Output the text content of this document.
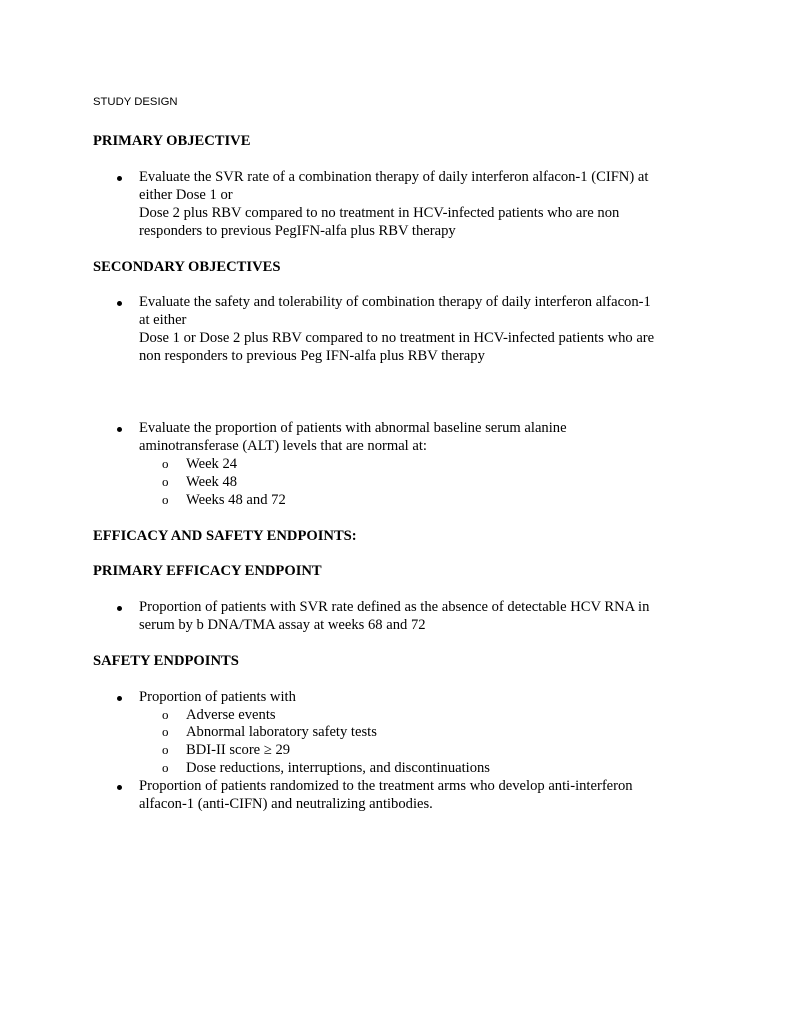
STUDY DESIGN
PRIMARY OBJECTIVE
Evaluate the SVR rate of a combination therapy of daily interferon alfacon-1 (CIFN) at
either Dose 1 or
Dose 2 plus RBV compared to no treatment in HCV-infected patients who are non
responders to previous PegIFN-alfa plus RBV therapy
SECONDARY OBJECTIVES
Evaluate the safety and tolerability of combination therapy of daily interferon alfacon-1
at either
Dose 1 or Dose 2 plus RBV compared to no treatment in HCV-infected patients who are
non responders to previous Peg IFN-alfa plus RBV therapy
Evaluate the proportion of patients with abnormal baseline serum alanine
aminotransferase (ALT) levels that are normal at:
o Week 24
o Week 48
o Weeks 48 and 72
EFFICACY AND SAFETY ENDPOINTS:
PRIMARY EFFICACY ENDPOINT
Proportion of patients with SVR rate defined as the absence of detectable HCV RNA in
serum by b DNA/TMA assay at weeks 68 and 72
SAFETY ENDPOINTS
Proportion of patients with
o Adverse events
o Abnormal laboratory safety tests
o BDI-II score ≥ 29
o Dose reductions, interruptions, and discontinuations
Proportion of patients randomized to the treatment arms who develop anti-interferon
alfacon-1 (anti-CIFN) and neutralizing antibodies.
